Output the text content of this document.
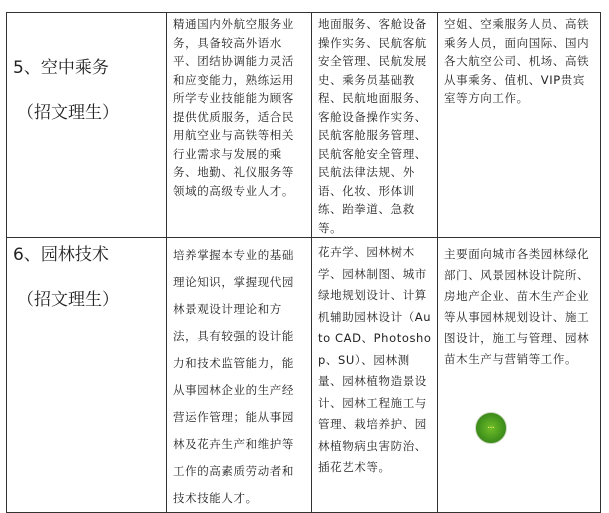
5、空中乘务
（招文理生）	精通国内外航空服务业务，具备较高外语水平、团结协调能力灵活和应变能力，熟练运用所学专业技能能为顾客提供优质服务，适合民用航空业与高铁等相关行业需求与发展的乘务、地勤、礼仪服务等领域的高级专业人才。	地面服务、客舱设备操作实务、民航客航安全管理、民航发展史、乘务员基础教程、民航地面服务、客舱设备操作实务、民航客舱服务管理、民航客舱安全管理、民航法律法规、外语、化妆、形体训练、跆拳道、急救等。	空姐、空乘服务人员、高铁乘务人员，面向国际、国内各大航空公司、机场、高铁从事乘务、值机、VIP贵宾室等方向工作。

6、园林技术
（招文理生）	培养掌握本专业的基础理论知识，掌握现代园林景观设计理论和方法，具有较强的设计能力和技术监管能力，能从事园林企业的生产经营运作管理；能从事园林及花卉生产和维护等工作的高素质劳动者和技术技能人才。	花卉学、园林树木学、园林制图、城市绿地规划设计、计算机辅助园林设计（Auto CAD、Photoshop、SU）、园林测量、园林植物造景设计、园林工程施工与管理、栽培养护、园林植物病虫害防治、插花艺术等。	主要面向城市各类园林绿化部门、风景园林设计院所、房地产企业、苗木生产企业等从事园林规划设计、施工图设计，施工与管理、园林苗木生产与营销等工作。
•••
